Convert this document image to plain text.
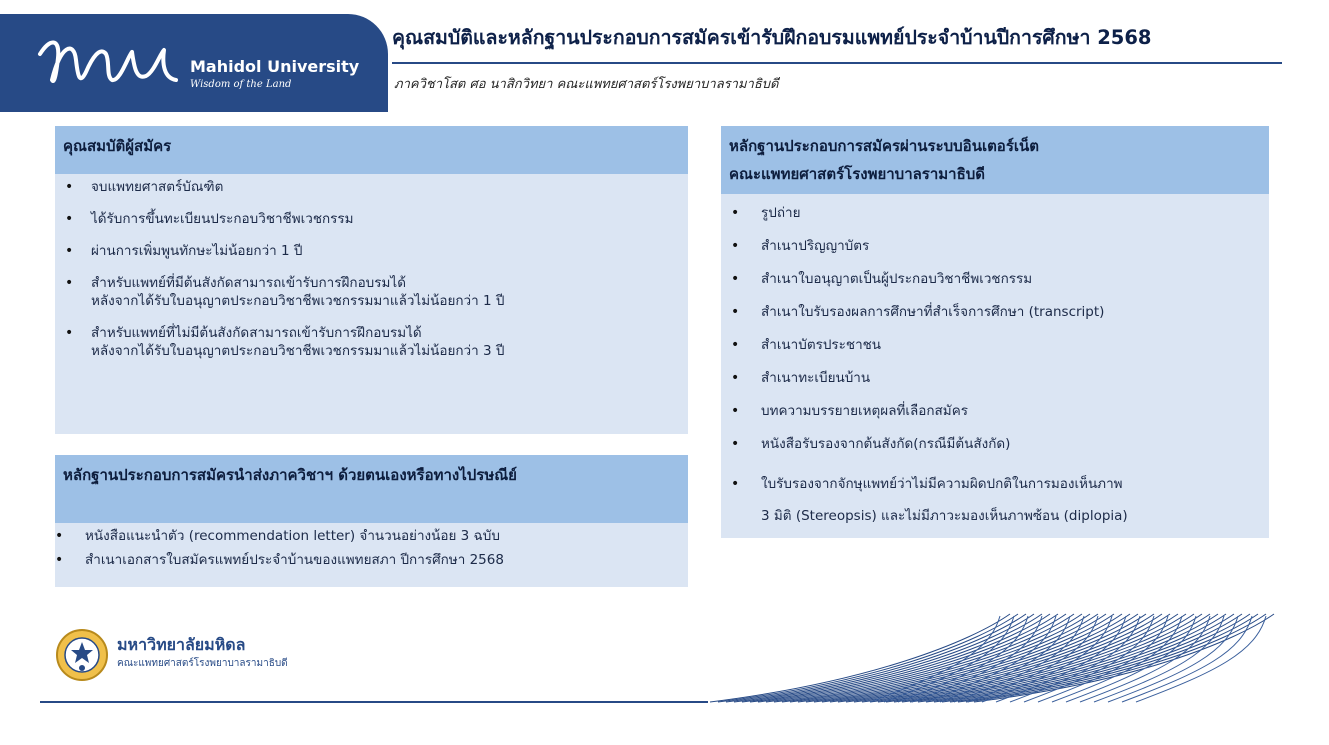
Mahidol University
Wisdom of the Land
คุณสมบัติและหลักฐานประกอบการสมัครเข้ารับฝึกอบรมแพทย์ประจำบ้านปีการศึกษา 2568
ภาควิชาโสต ศอ นาสิกวิทยา คณะแพทยศาสตร์โรงพยาบาลรามาธิบดี
คุณสมบัติผู้สมัคร
• จบแพทยศาสตร์บัณฑิต
• ได้รับการขึ้นทะเบียนประกอบวิชาชีพเวชกรรม
• ผ่านการเพิ่มพูนทักษะไม่น้อยกว่า 1 ปี
• สำหรับแพทย์ที่มีต้นสังกัดสามารถเข้ารับการฝึกอบรมได้
หลังจากได้รับใบอนุญาตประกอบวิชาชีพเวชกรรมมาแล้วไม่น้อยกว่า 1 ปี
• สำหรับแพทย์ที่ไม่มีต้นสังกัดสามารถเข้ารับการฝึกอบรมได้
หลังจากได้รับใบอนุญาตประกอบวิชาชีพเวชกรรมมาแล้วไม่น้อยกว่า 3 ปี
หลักฐานประกอบการสมัครนำส่งภาควิชาฯ ด้วยตนเองหรือทางไปรษณีย์
• หนังสือแนะนำตัว (recommendation letter) จำนวนอย่างน้อย 3 ฉบับ
• สำเนาเอกสารใบสมัครแพทย์ประจำบ้านของแพทยสภา ปีการศึกษา 2568
หลักฐานประกอบการสมัครผ่านระบบอินเตอร์เน็ต
คณะแพทยศาสตร์โรงพยาบาลรามาธิบดี
• รูปถ่าย
• สำเนาปริญญาบัตร
• สำเนาใบอนุญาตเป็นผู้ประกอบวิชาชีพเวชกรรม
• สำเนาใบรับรองผลการศึกษาที่สำเร็จการศึกษา (transcript)
• สำเนาบัตรประชาชน
• สำเนาทะเบียนบ้าน
• บทความบรรยายเหตุผลที่เลือกสมัคร
• หนังสือรับรองจากต้นสังกัด(กรณีมีต้นสังกัด)
• ใบรับรองจากจักษุแพทย์ว่าไม่มีความผิดปกติในการมองเห็นภาพ
3 มิติ (Stereopsis) และไม่มีภาวะมองเห็นภาพซ้อน (diplopia)
มหาวิทยาลัยมหิดล
คณะแพทยศาสตร์โรงพยาบาลรามาธิบดี
